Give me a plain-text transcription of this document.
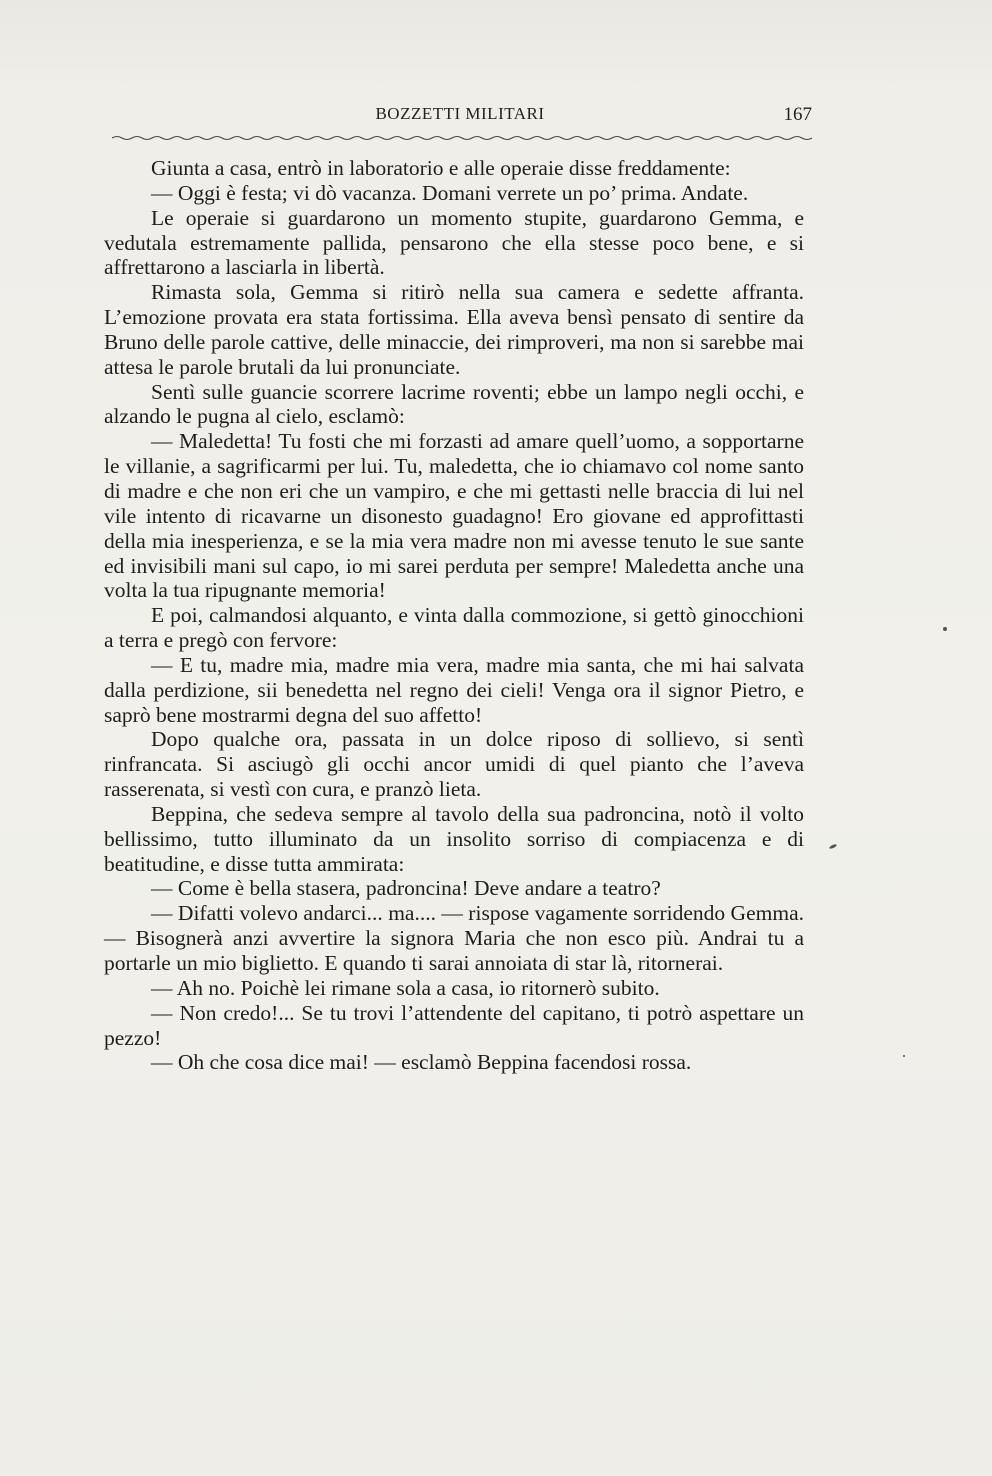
BOZZETTI MILITARI	167

Giunta a casa, entrò in laboratorio e alle operaie disse freddamente:

— Oggi è festa; vi dò vacanza. Domani verrete un po’ prima. Andate.

Le operaie si guardarono un momento stupite, guardarono Gemma, e vedutala estremamente pallida, pensarono che ella stesse poco bene, e si affrettarono a lasciarla in libertà.

Rimasta sola, Gemma si ritirò nella sua camera e sedette affranta. L’emozione provata era stata fortissima. Ella aveva bensì pensato di sentire da Bruno delle parole cattive, delle minaccie, dei rimproveri, ma non si sarebbe mai attesa le parole brutali da lui pronunciate.

Sentì sulle guancie scorrere lacrime roventi; ebbe un lampo negli occhi, e alzando le pugna al cielo, esclamò:

— Maledetta! Tu fosti che mi forzasti ad amare quell’uomo, a sopportarne le villanie, a sagrificarmi per lui. Tu, maledetta, che io chiamavo col nome santo di madre e che non eri che un vampiro, e che mi gettasti nelle braccia di lui nel vile intento di ricavarne un disonesto guadagno! Ero giovane ed approfittasti della mia inesperienza, e se la mia vera madre non mi avesse tenuto le sue sante ed invisibili mani sul capo, io mi sarei perduta per sempre! Maledetta anche una volta la tua ripugnante memoria!

E poi, calmandosi alquanto, e vinta dalla commozione, si gettò ginocchioni a terra e pregò con fervore:

— E tu, madre mia, madre mia vera, madre mia santa, che mi hai salvata dalla perdizione, sii benedetta nel regno dei cieli! Venga ora il signor Pietro, e saprò bene mostrarmi degna del suo affetto!

Dopo qualche ora, passata in un dolce riposo di sollievo, si sentì rinfrancata. Si asciugò gli occhi ancor umidi di quel pianto che l’aveva rasserenata, si vestì con cura, e pranzò lieta.

Beppina, che sedeva sempre al tavolo della sua padroncina, notò il volto bellissimo, tutto illuminato da un insolito sorriso di compiacenza e di beatitudine, e disse tutta ammirata:

— Come è bella stasera, padroncina! Deve andare a teatro?

— Difatti volevo andarci... ma.... — rispose vagamente sorridendo Gemma. — Bisognerà anzi avvertire la signora Maria che non esco più. Andrai tu a portarle un mio biglietto. E quando ti sarai annoiata di star là, ritornerai.

— Ah no. Poichè lei rimane sola a casa, io ritornerò subito.

— Non credo!... Se tu trovi l’attendente del capitano, ti potrò aspettare un pezzo!

— Oh che cosa dice mai! — esclamò Beppina facendosi rossa.
